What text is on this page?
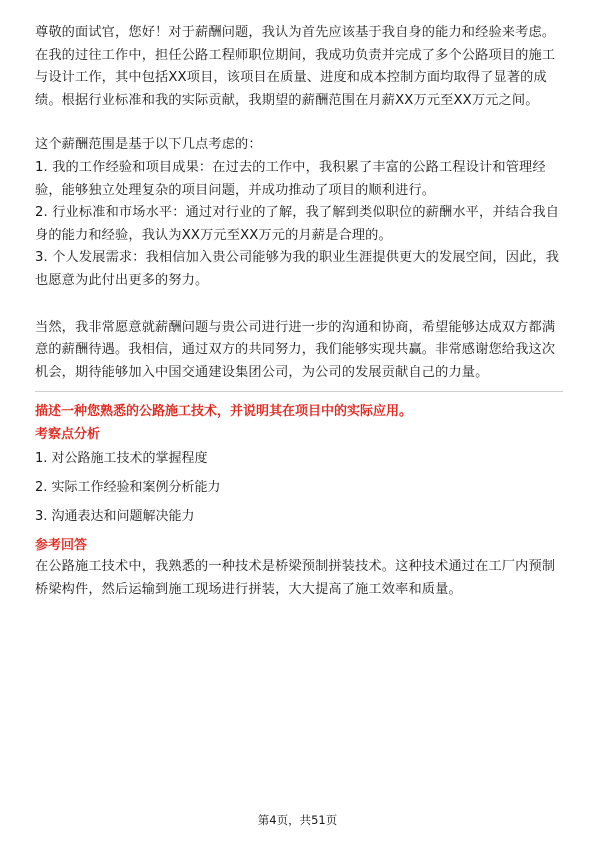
尊敬的面试官，您好！对于薪酬问题，我认为首先应该基于我自身的能力和经验来考虑。在我的过往工作中，担任公路工程师职位期间，我成功负责并完成了多个公路项目的施工与设计工作，其中包括XX项目，该项目在质量、进度和成本控制方面均取得了显著的成绩。根据行业标准和我的实际贡献，我期望的薪酬范围在月薪XX万元至XX万元之间。

这个薪酬范围是基于以下几点考虑的：

1. 我的工作经验和项目成果：在过去的工作中，我积累了丰富的公路工程设计和管理经验，能够独立处理复杂的项目问题，并成功推动了项目的顺利进行。

2. 行业标准和市场水平：通过对行业的了解，我了解到类似职位的薪酬水平，并结合我自身的能力和经验，我认为XX万元至XX万元的月薪是合理的。

3. 个人发展需求：我相信加入贵公司能够为我的职业生涯提供更大的发展空间，因此，我也愿意为此付出更多的努力。

当然，我非常愿意就薪酬问题与贵公司进行进一步的沟通和协商，希望能够达成双方都满意的薪酬待遇。我相信，通过双方的共同努力，我们能够实现共赢。非常感谢您给我这次机会，期待能够加入中国交通建设集团公司，为公司的发展贡献自己的力量。

描述一种您熟悉的公路施工技术，并说明其在项目中的实际应用。
考察点分析
1. 对公路施工技术的掌握程度
2. 实际工作经验和案例分析能力
3. 沟通表达和问题解决能力
参考回答

在公路施工技术中，我熟悉的一种技术是桥梁预制拼装技术。这种技术通过在工厂内预制桥梁构件，然后运输到施工现场进行拼装，大大提高了施工效率和质量。

第4页，共51页
